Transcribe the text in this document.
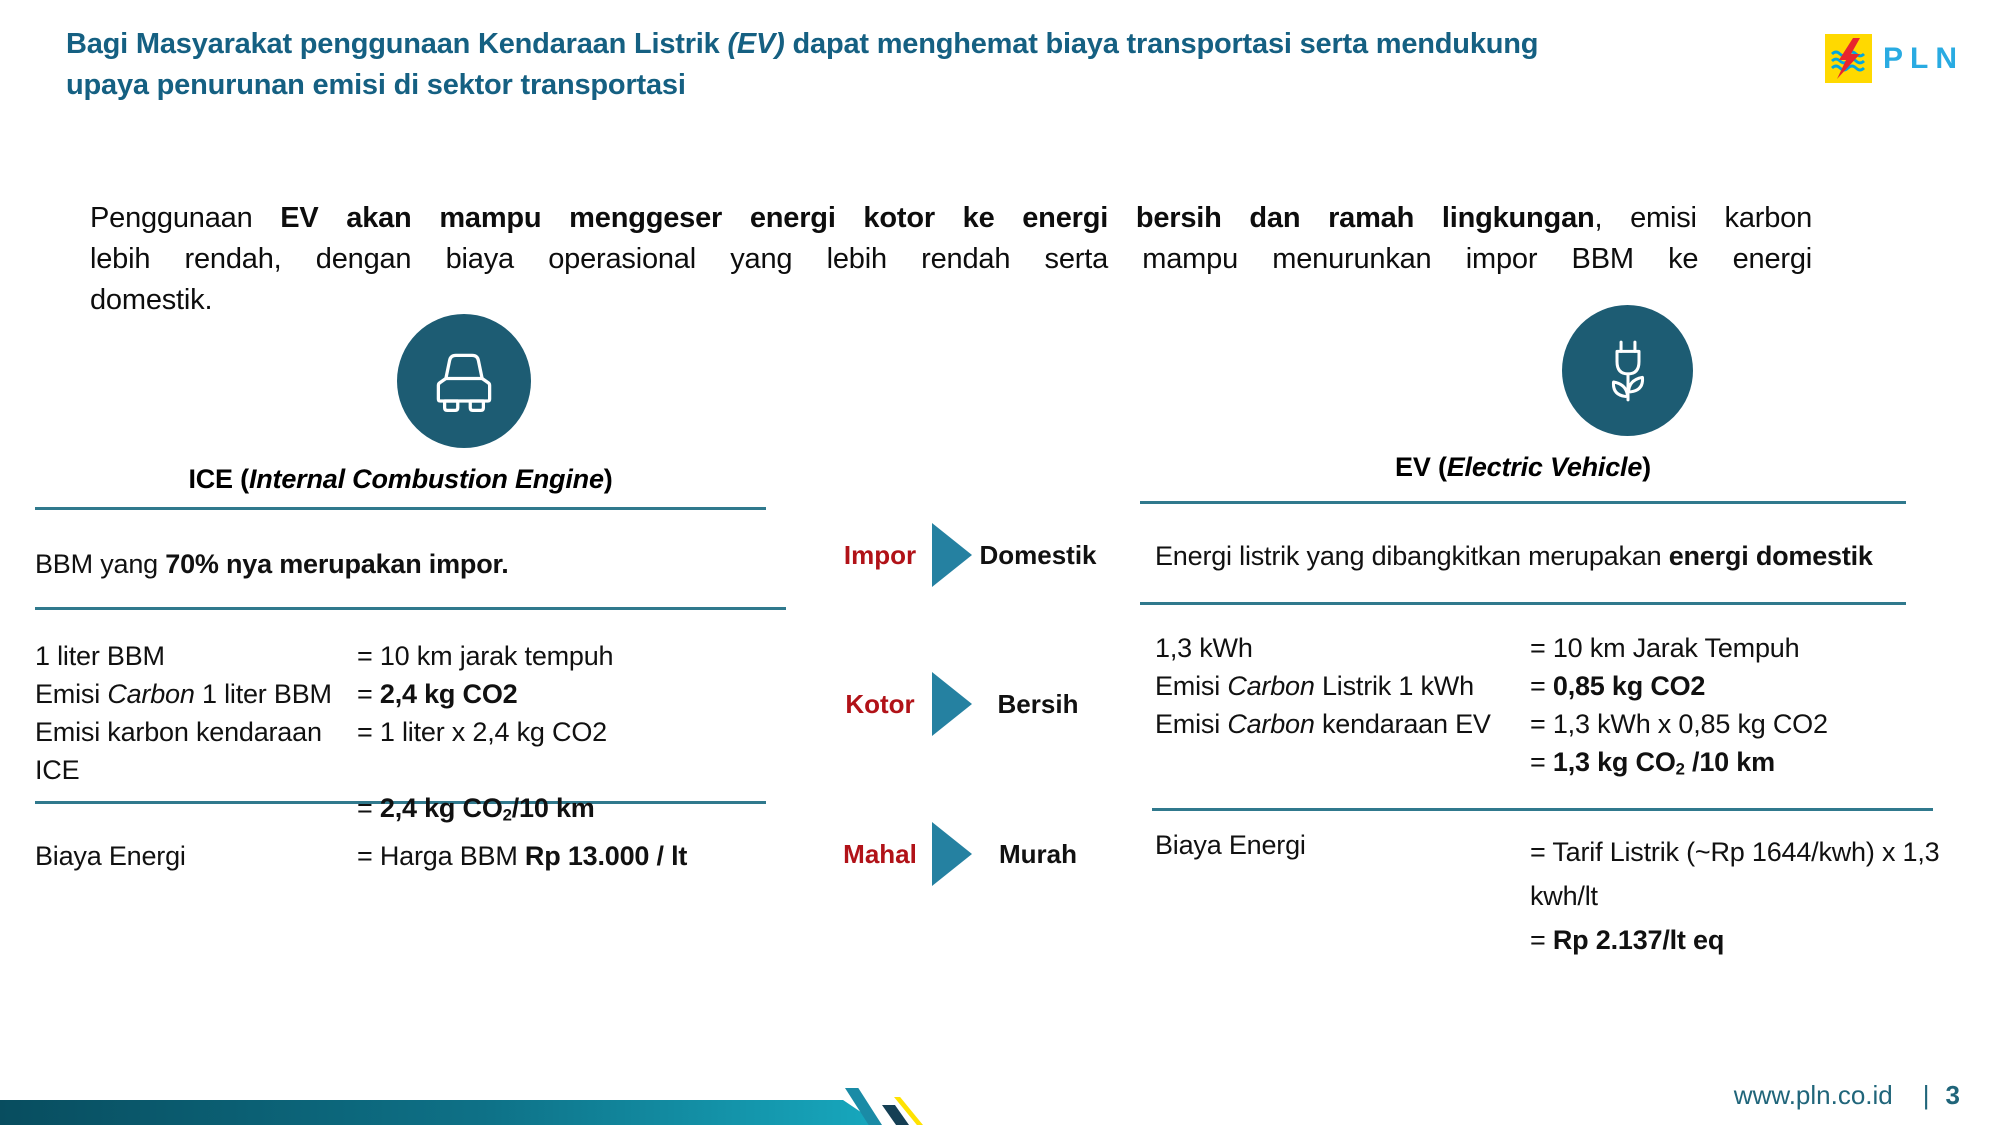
Bagi Masyarakat penggunaan Kendaraan Listrik (EV) dapat menghemat biaya transportasi serta mendukung
upaya penurunan emisi di sektor transportasi
PLN
Penggunaan EV akan mampu menggeser energi kotor ke energi bersih dan ramah lingkungan, emisi karbon
lebih rendah, dengan biaya operasional yang lebih rendah serta mampu menurunkan impor BBM ke energi
domestik.
ICE (Internal Combustion Engine)	EV (Electric Vehicle)
BBM yang 70% nya merupakan impor.	Energi listrik yang dibangkitkan merupakan energi domestik
1 liter BBM	= 10 km jarak tempuh
Emisi Carbon 1 liter BBM = 2,4 kg CO2
Emisi karbon kendaraan ICE
= 1 liter x 2,4 kg CO2
= 2,4 kg $CO_2/10$ km
1,3 kWh	= 10 km Jarak Tempuh
Emisi Carbon Listrik 1 kWh	= 0,85 kg CO2
Emisi Carbon kendaraan EV	= 1,3 kWh x 0,85 kg CO2
= 1,3 kg $CO_2$ /10 km
Biaya Energi	= Harga BBM Rp 13.000 / lt	Biaya Energi	= Tarif Listrik (~Rp 1644/kwh) x 1,3 kwh/lt
= Rp 2.137/lt eq
Impor	Domestik
Kotor	Bersih
Mahal	Murah
www.pln.co.id | 3
